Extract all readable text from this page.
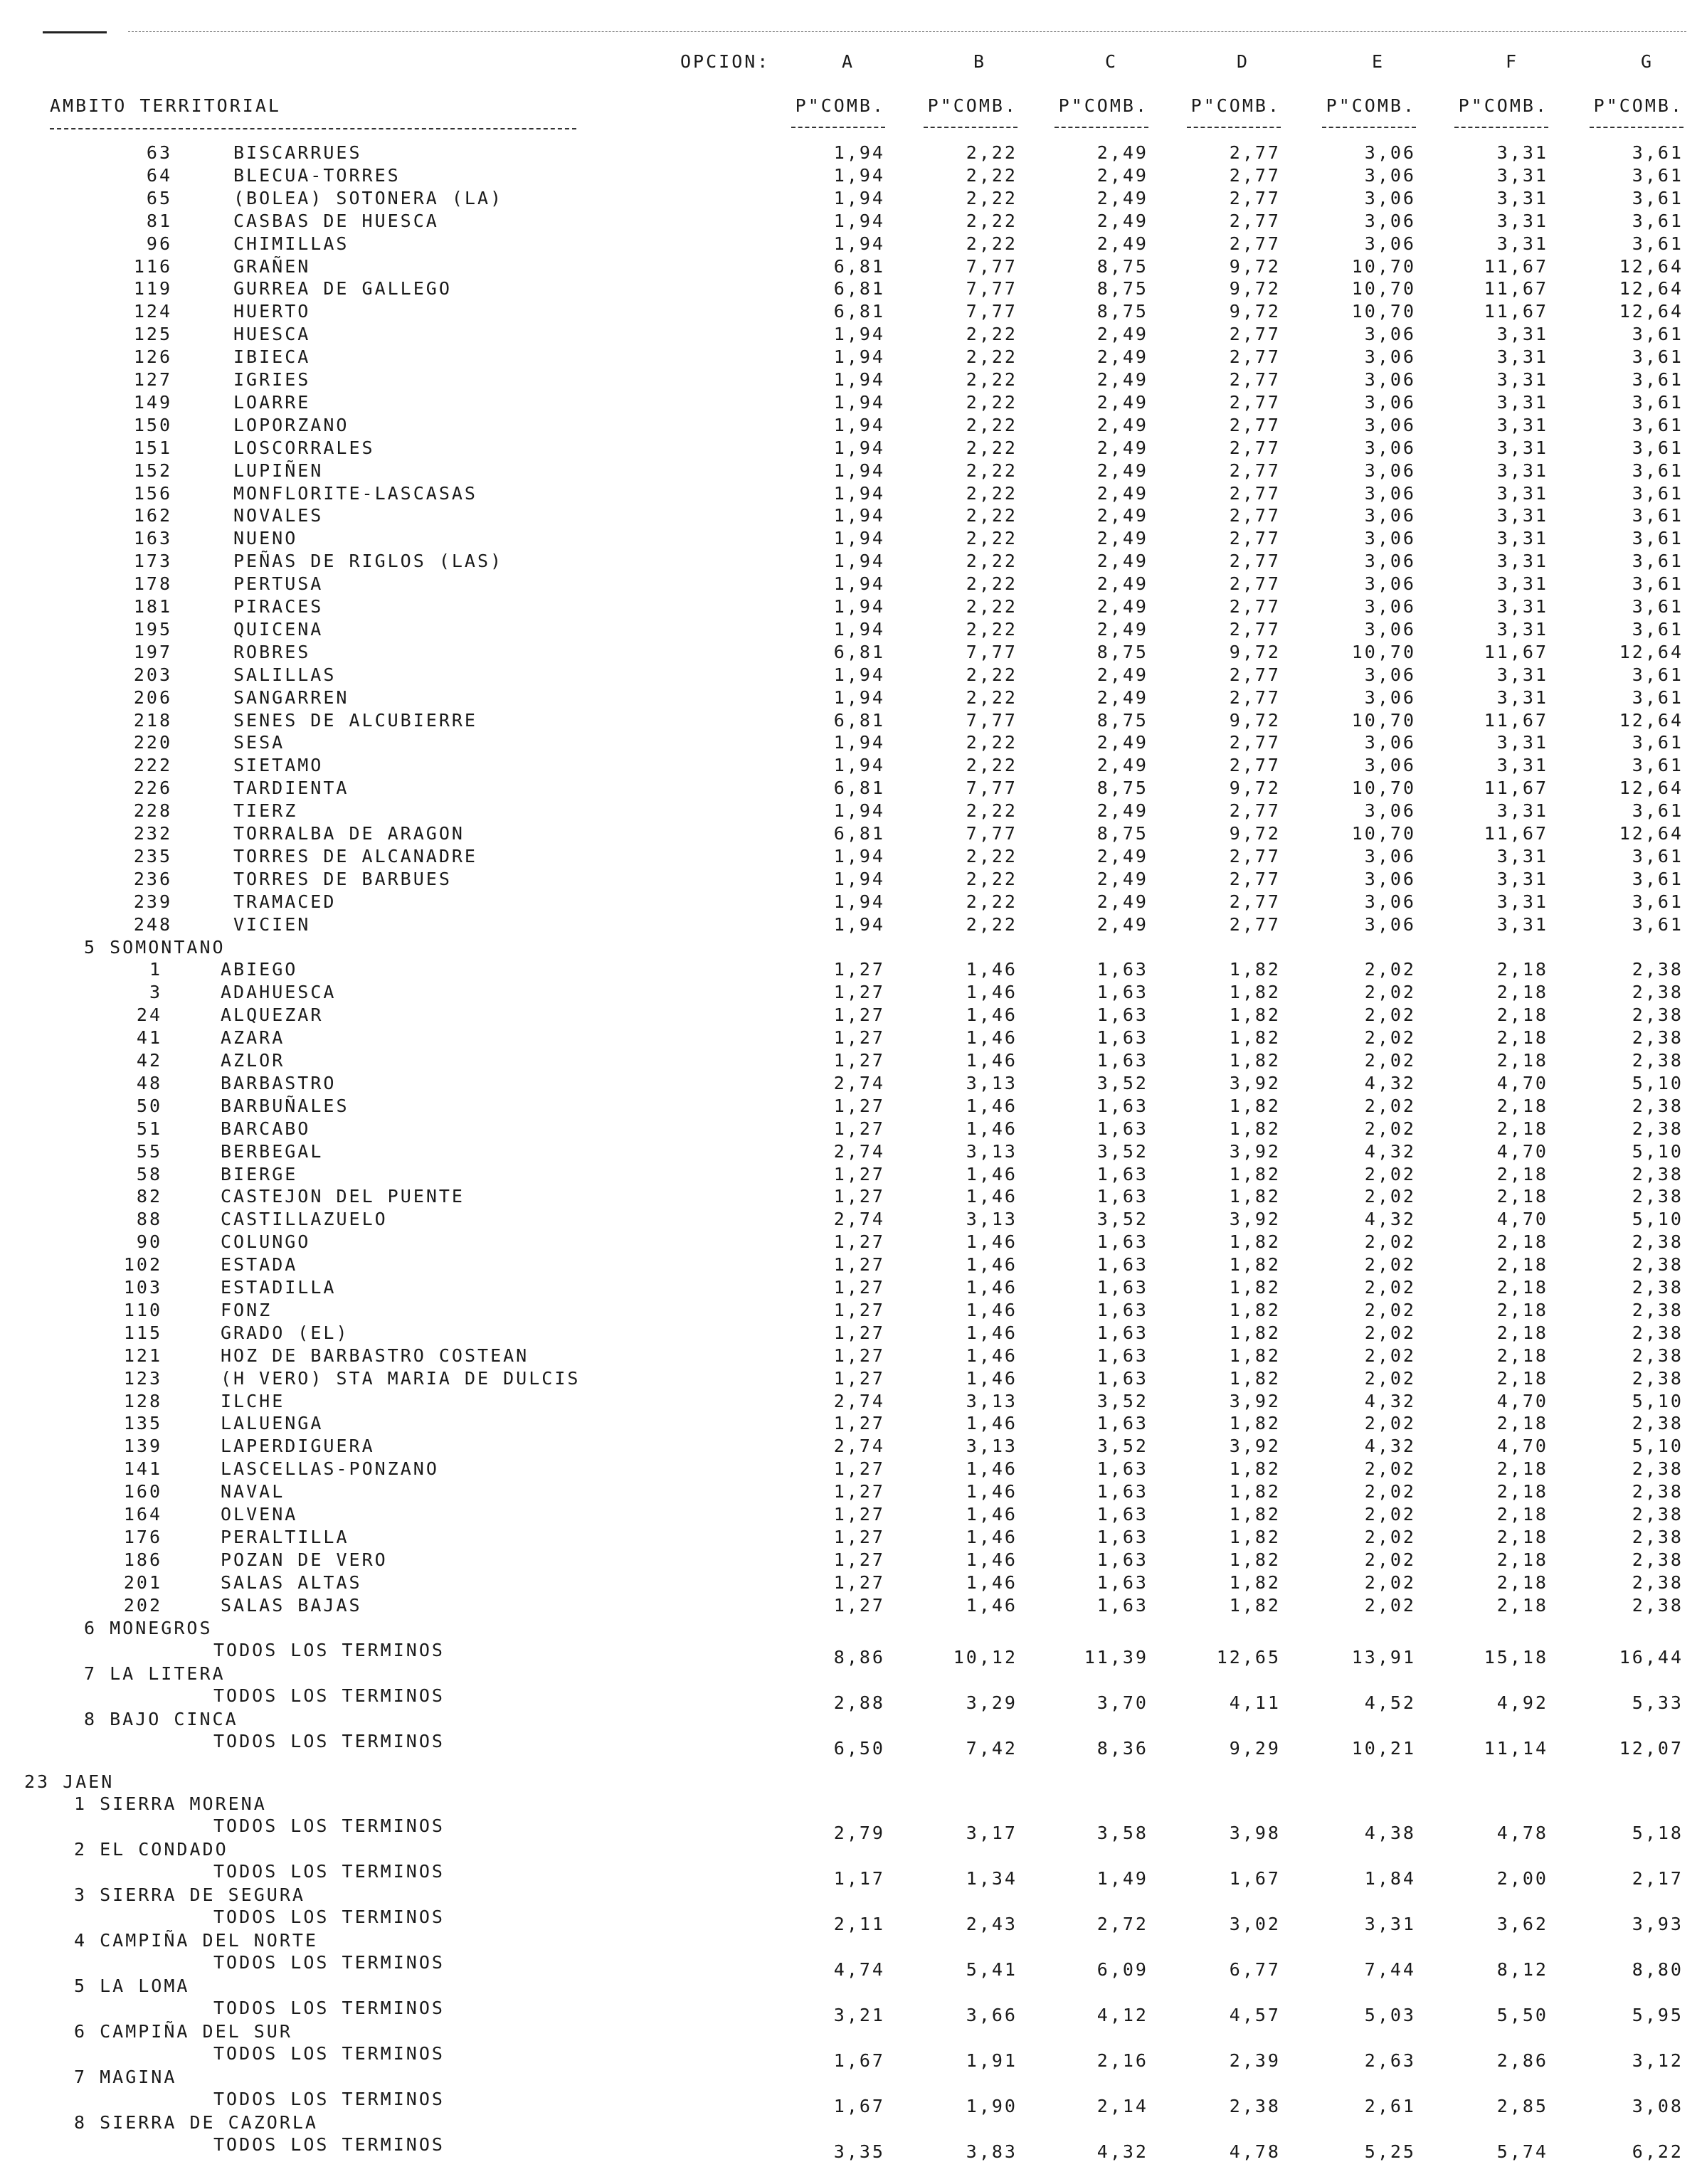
OPCION:	A	B	C	D	E	F	G
AMBITO TERRITORIAL	P"COMB.	P"COMB.	P"COMB.	P"COMB.	P"COMB.	P"COMB.	P"COMB.
63	BISCARRUES	1,94	2,22	2,49	2,77	3,06	3,31	3,61
64	BLECUA-TORRES	1,94	2,22	2,49	2,77	3,06	3,31	3,61
65	(BOLEA) SOTONERA (LA)	1,94	2,22	2,49	2,77	3,06	3,31	3,61
81	CASBAS DE HUESCA	1,94	2,22	2,49	2,77	3,06	3,31	3,61
96	CHIMILLAS	1,94	2,22	2,49	2,77	3,06	3,31	3,61
116	GRAÑEN	6,81	7,77	8,75	9,72	10,70	11,67	12,64
119	GURREA DE GALLEGO	6,81	7,77	8,75	9,72	10,70	11,67	12,64
124	HUERTO	6,81	7,77	8,75	9,72	10,70	11,67	12,64
125	HUESCA	1,94	2,22	2,49	2,77	3,06	3,31	3,61
126	IBIECA	1,94	2,22	2,49	2,77	3,06	3,31	3,61
127	IGRIES	1,94	2,22	2,49	2,77	3,06	3,31	3,61
149	LOARRE	1,94	2,22	2,49	2,77	3,06	3,31	3,61
150	LOPORZANO	1,94	2,22	2,49	2,77	3,06	3,31	3,61
151	LOSCORRALES	1,94	2,22	2,49	2,77	3,06	3,31	3,61
152	LUPIÑEN	1,94	2,22	2,49	2,77	3,06	3,31	3,61
156	MONFLORITE-LASCASAS	1,94	2,22	2,49	2,77	3,06	3,31	3,61
162	NOVALES	1,94	2,22	2,49	2,77	3,06	3,31	3,61
163	NUENO	1,94	2,22	2,49	2,77	3,06	3,31	3,61
173	PEÑAS DE RIGLOS (LAS)	1,94	2,22	2,49	2,77	3,06	3,31	3,61
178	PERTUSA	1,94	2,22	2,49	2,77	3,06	3,31	3,61
181	PIRACES	1,94	2,22	2,49	2,77	3,06	3,31	3,61
195	QUICENA	1,94	2,22	2,49	2,77	3,06	3,31	3,61
197	ROBRES	6,81	7,77	8,75	9,72	10,70	11,67	12,64
203	SALILLAS	1,94	2,22	2,49	2,77	3,06	3,31	3,61
206	SANGARREN	1,94	2,22	2,49	2,77	3,06	3,31	3,61
218	SENES DE ALCUBIERRE	6,81	7,77	8,75	9,72	10,70	11,67	12,64
220	SESA	1,94	2,22	2,49	2,77	3,06	3,31	3,61
222	SIETAMO	1,94	2,22	2,49	2,77	3,06	3,31	3,61
226	TARDIENTA	6,81	7,77	8,75	9,72	10,70	11,67	12,64
228	TIERZ	1,94	2,22	2,49	2,77	3,06	3,31	3,61
232	TORRALBA DE ARAGON	6,81	7,77	8,75	9,72	10,70	11,67	12,64
235	TORRES DE ALCANADRE	1,94	2,22	2,49	2,77	3,06	3,31	3,61
236	TORRES DE BARBUES	1,94	2,22	2,49	2,77	3,06	3,31	3,61
239	TRAMACED	1,94	2,22	2,49	2,77	3,06	3,31	3,61
248	VICIEN	1,94	2,22	2,49	2,77	3,06	3,31	3,61
5 SOMONTANO
1	ABIEGO	1,27	1,46	1,63	1,82	2,02	2,18	2,38
3	ADAHUESCA	1,27	1,46	1,63	1,82	2,02	2,18	2,38
24	ALQUEZAR	1,27	1,46	1,63	1,82	2,02	2,18	2,38
41	AZARA	1,27	1,46	1,63	1,82	2,02	2,18	2,38
42	AZLOR	1,27	1,46	1,63	1,82	2,02	2,18	2,38
48	BARBASTRO	2,74	3,13	3,52	3,92	4,32	4,70	5,10
50	BARBUÑALES	1,27	1,46	1,63	1,82	2,02	2,18	2,38
51	BARCABO	1,27	1,46	1,63	1,82	2,02	2,18	2,38
55	BERBEGAL	2,74	3,13	3,52	3,92	4,32	4,70	5,10
58	BIERGE	1,27	1,46	1,63	1,82	2,02	2,18	2,38
82	CASTEJON DEL PUENTE	1,27	1,46	1,63	1,82	2,02	2,18	2,38
88	CASTILLAZUELO	2,74	3,13	3,52	3,92	4,32	4,70	5,10
90	COLUNGO	1,27	1,46	1,63	1,82	2,02	2,18	2,38
102	ESTADA	1,27	1,46	1,63	1,82	2,02	2,18	2,38
103	ESTADILLA	1,27	1,46	1,63	1,82	2,02	2,18	2,38
110	FONZ	1,27	1,46	1,63	1,82	2,02	2,18	2,38
115	GRADO (EL)	1,27	1,46	1,63	1,82	2,02	2,18	2,38
121	HOZ DE BARBASTRO COSTEAN	1,27	1,46	1,63	1,82	2,02	2,18	2,38
123	(H VERO) STA MARIA DE DULCIS	1,27	1,46	1,63	1,82	2,02	2,18	2,38
128	ILCHE	2,74	3,13	3,52	3,92	4,32	4,70	5,10
135	LALUENGA	1,27	1,46	1,63	1,82	2,02	2,18	2,38
139	LAPERDIGUERA	2,74	3,13	3,52	3,92	4,32	4,70	5,10
141	LASCELLAS-PONZANO	1,27	1,46	1,63	1,82	2,02	2,18	2,38
160	NAVAL	1,27	1,46	1,63	1,82	2,02	2,18	2,38
164	OLVENA	1,27	1,46	1,63	1,82	2,02	2,18	2,38
176	PERALTILLA	1,27	1,46	1,63	1,82	2,02	2,18	2,38
186	POZAN DE VERO	1,27	1,46	1,63	1,82	2,02	2,18	2,38
201	SALAS ALTAS	1,27	1,46	1,63	1,82	2,02	2,18	2,38
202	SALAS BAJAS	1,27	1,46	1,63	1,82	2,02	2,18	2,38
6 MONEGROS
TODOS LOS TERMINOS	8,86	10,12	11,39	12,65	13,91	15,18	16,44
7 LA LITERA
TODOS LOS TERMINOS	2,88	3,29	3,70	4,11	4,52	4,92	5,33
8 BAJO CINCA
TODOS LOS TERMINOS	6,50	7,42	8,36	9,29	10,21	11,14	12,07
23 JAEN
1 SIERRA MORENA
TODOS LOS TERMINOS	2,79	3,17	3,58	3,98	4,38	4,78	5,18
2 EL CONDADO
TODOS LOS TERMINOS	1,17	1,34	1,49	1,67	1,84	2,00	2,17
3 SIERRA DE SEGURA
TODOS LOS TERMINOS	2,11	2,43	2,72	3,02	3,31	3,62	3,93
4 CAMPIÑA DEL NORTE
TODOS LOS TERMINOS	4,74	5,41	6,09	6,77	7,44	8,12	8,80
5 LA LOMA
TODOS LOS TERMINOS	3,21	3,66	4,12	4,57	5,03	5,50	5,95
6 CAMPIÑA DEL SUR
TODOS LOS TERMINOS	1,67	1,91	2,16	2,39	2,63	2,86	3,12
7 MAGINA
TODOS LOS TERMINOS	1,67	1,90	2,14	2,38	2,61	2,85	3,08
8 SIERRA DE CAZORLA
TODOS LOS TERMINOS	3,35	3,83	4,32	4,78	5,25	5,74	6,22
